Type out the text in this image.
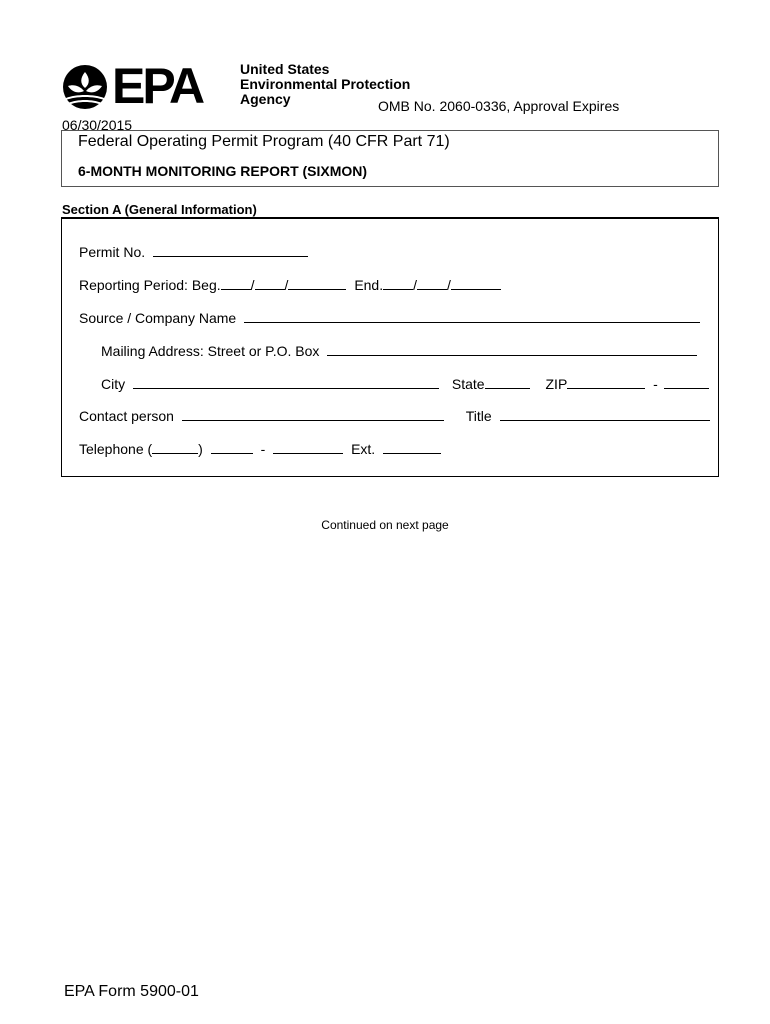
EPA	United States
Environmental Protection
Agency	OMB No. 2060-0336, Approval Expires
06/30/2015
Federal Operating Permit Program (40 CFR Part 71)
6-MONTH MONITORING REPORT (SIXMON)
Section A (General Information)
Permit No.
Reporting Period: Beg. / /	End. / /
Source / Company Name
Mailing Address: Street or P.O. Box
City	State	ZIP	-
Contact person	Title
Telephone (	)	-	Ext.
Continued on next page
EPA Form 5900-01
